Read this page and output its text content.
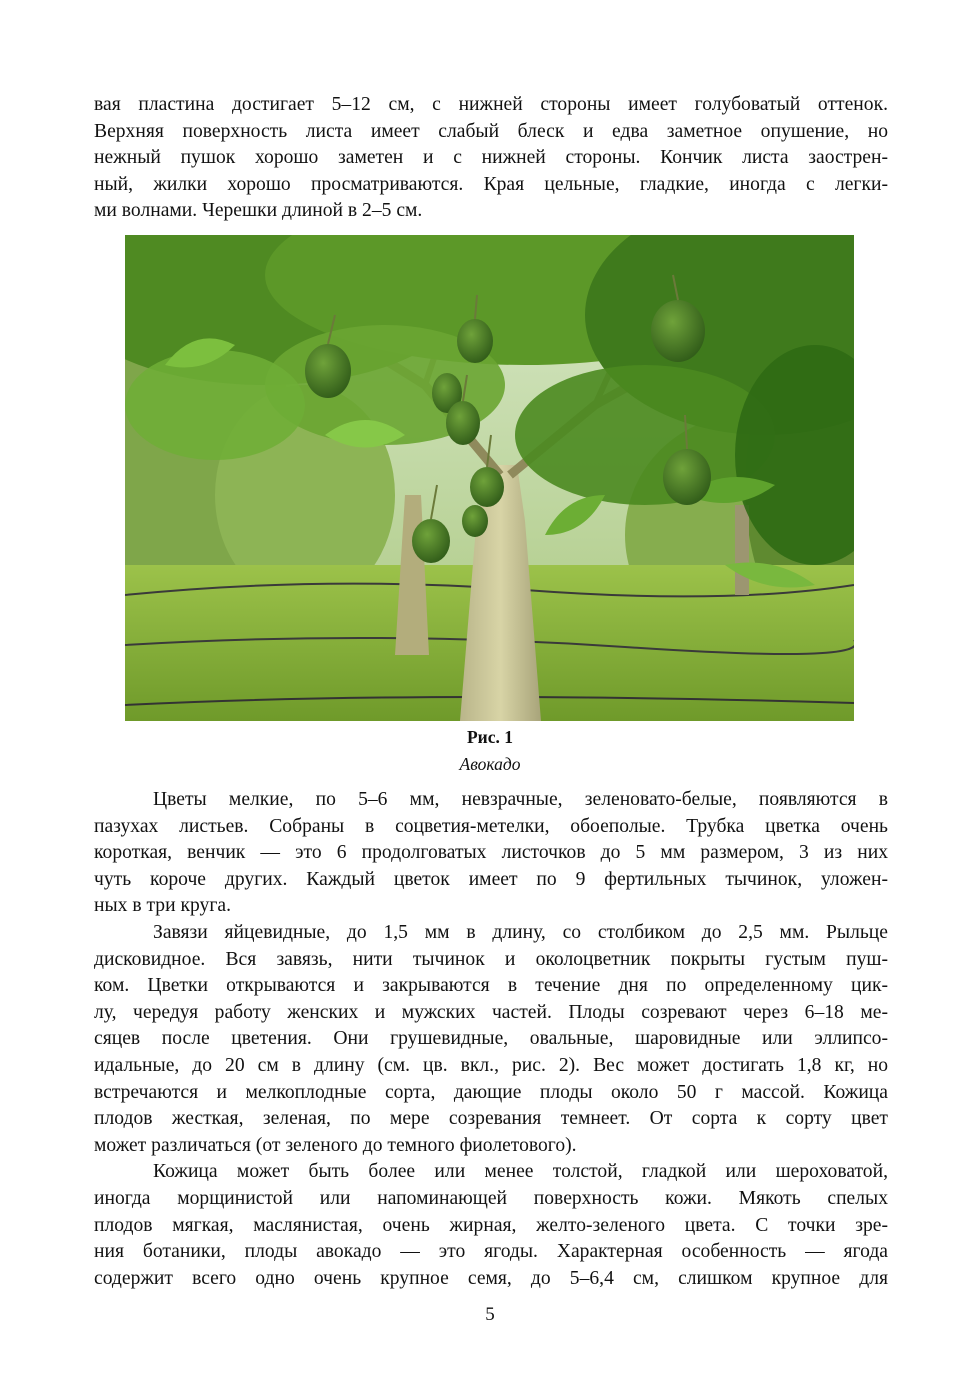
вая пластина достигает 5–12 см, с нижней стороны имеет голубоватый оттенок.
Верхняя поверхность листа имеет слабый блеск и едва заметное опушение, но
нежный пушок хорошо заметен и с нижней стороны. Кончик листа заострен-
ный, жилки хорошо просматриваются. Края цельные, гладкие, иногда с легки-
ми волнами. Черешки длиной в 2–5 см.

Рис. 1
Авокадо

Цветы мелкие, по 5–6 мм, невзрачные, зеленовато-белые, появляются в
пазухах листьев. Собраны в соцветия-метелки, обоеполые. Трубка цветка очень
короткая, венчик — это 6 продолговатых листочков до 5 мм размером, 3 из них
чуть короче других. Каждый цветок имеет по 9 фертильных тычинок, уложен-
ных в три круга.

Завязи яйцевидные, до 1,5 мм в длину, со столбиком до 2,5 мм. Рыльце
дисковидное. Вся завязь, нити тычинок и околоцветник покрыты густым пуш-
ком. Цветки открываются и закрываются в течение дня по определенному цик-
лу, чередуя работу женских и мужских частей. Плоды созревают через 6–18 ме-
сяцев после цветения. Они грушевидные, овальные, шаровидные или эллипсо-
идальные, до 20 см в длину (см. цв. вкл., рис. 2). Вес может достигать 1,8 кг, но
встречаются и мелкоплодные сорта, дающие плоды около 50 г массой. Кожица
плодов жесткая, зеленая, по мере созревания темнеет. От сорта к сорту цвет
может различаться (от зеленого до темного фиолетового).

Кожица может быть более или менее толстой, гладкой или шероховатой,
иногда морщинистой или напоминающей поверхность кожи. Мякоть спелых
плодов мягкая, маслянистая, очень жирная, желто-зеленого цвета. С точки зре-
ния ботаники, плоды авокадо — это ягоды. Характерная особенность — ягода
содержит всего одно очень крупное семя, до 5–6,4 см, слишком крупное для

5
